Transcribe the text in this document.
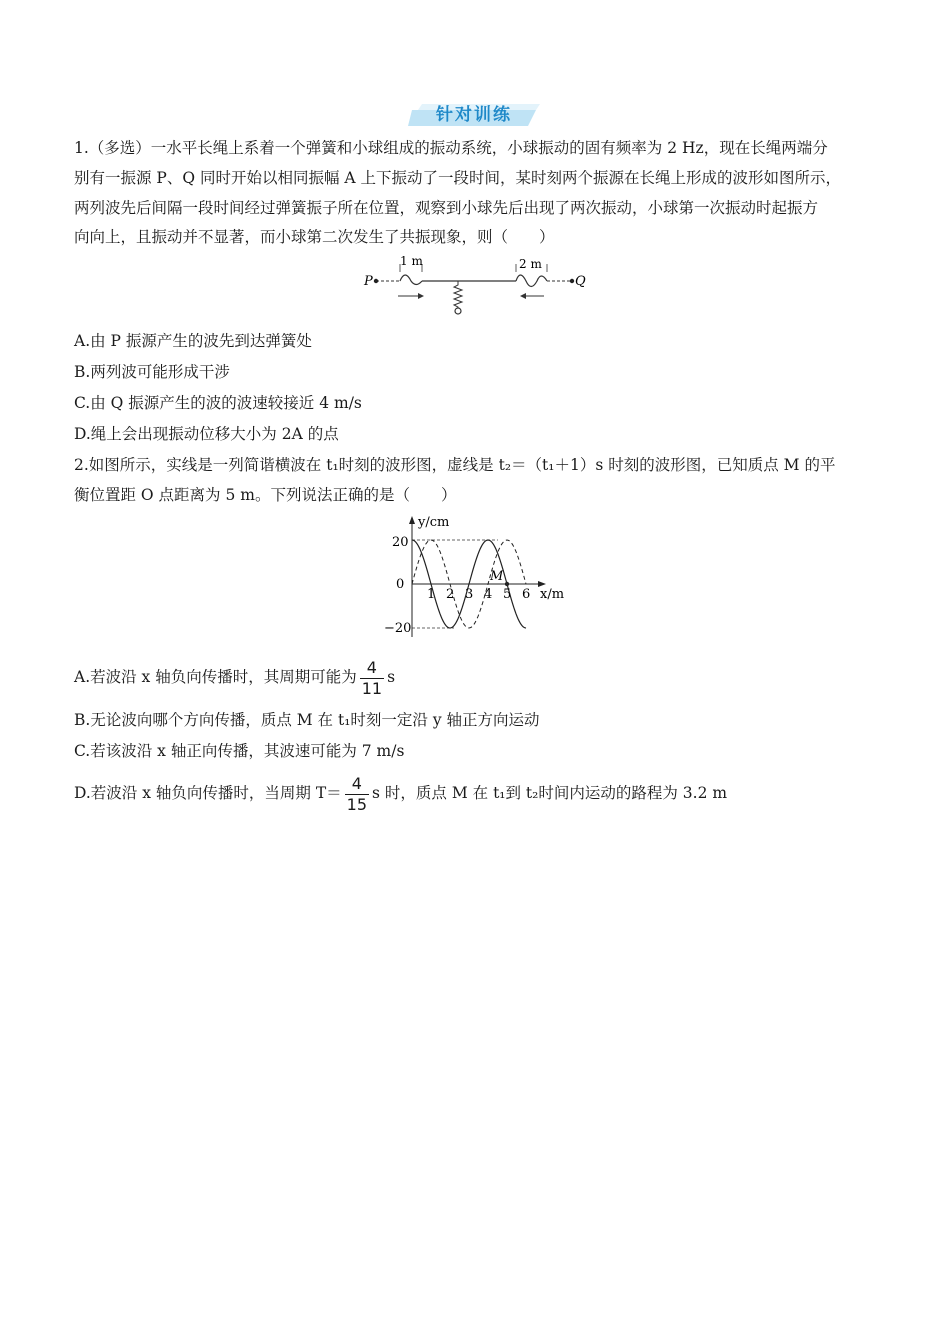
针对训练
1.（多选）一水平长绳上系着一个弹簧和小球组成的振动系统，小球振动的固有频率为 2 Hz，现在长绳两端分
别有一振源 P、Q 同时开始以相同振幅 A 上下振动了一段时间，某时刻两个振源在长绳上形成的波形如图所示，
两列波先后间隔一段时间经过弹簧振子所在位置，观察到小球先后出现了两次振动，小球第一次振动时起振方
向向上，且振动并不显著，而小球第二次发生了共振现象，则（　　）
P	Q
1 m	2 m
A.由 P 振源产生的波先到达弹簧处
B.两列波可能形成干涉
C.由 Q 振源产生的波的波速较接近 4 m/s
D.绳上会出现振动位移大小为 2A 的点
2.如图所示，实线是一列简谐横波在 t₁时刻的波形图，虚线是 t₂＝（t₁＋1）s 时刻的波形图，已知质点 M 的平
衡位置距 O 点距离为 5 m。下列说法正确的是（　　）
y/cm
x/m
0
20
−20
1 2 3 4 5 6
M
A.若波沿 x 轴负向传播时，其周期可能为 $\frac{4}{11}$ s
B.无论波向哪个方向传播，质点 M 在 t₁时刻一定沿 y 轴正方向运动
C.若该波沿 x 轴正向传播，其波速可能为 7 m/s
D.若波沿 x 轴负向传播时，当周期 $T= \frac{4}{15}$ s 时，质点 M 在 t₁到 t₂时间内运动的路程为 3.2 m
